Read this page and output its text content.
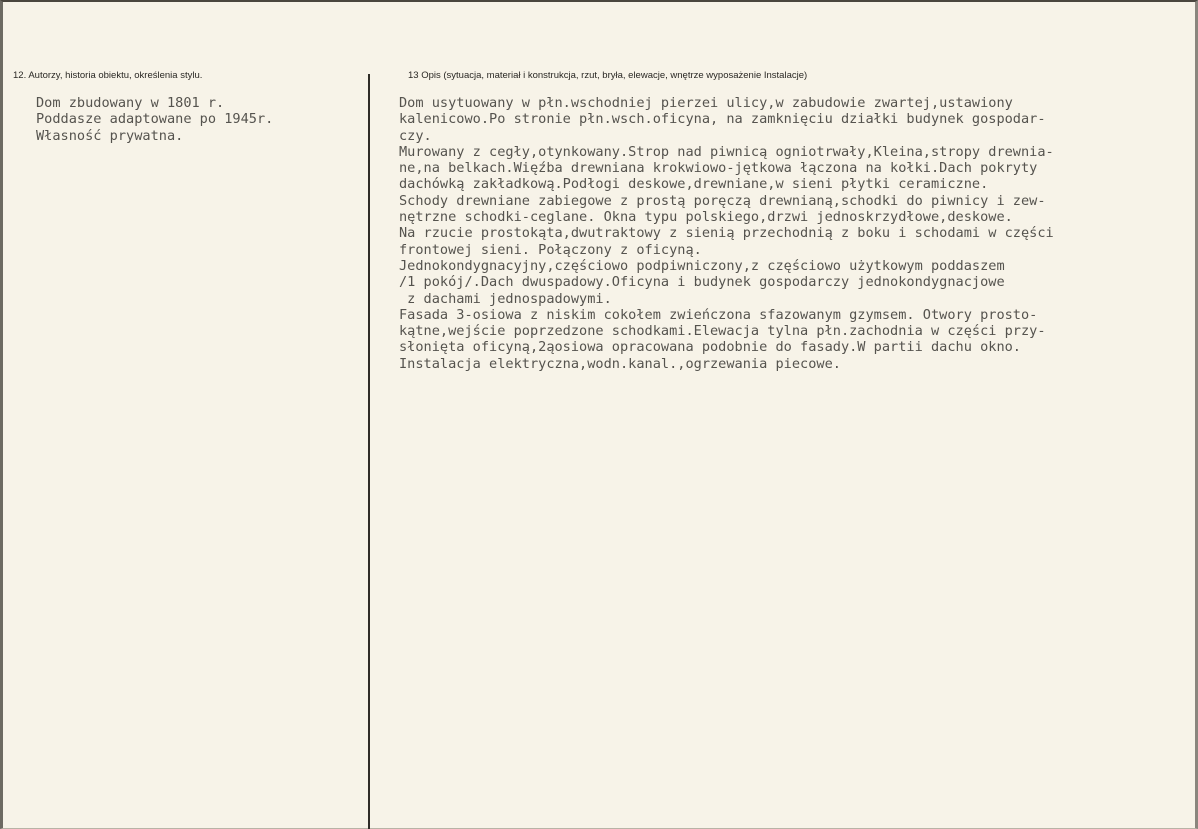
12. Autorzy, historia obiektu, określenia stylu.	13 Opis (sytuacja, materiał i konstrukcja, rzut, bryła, elewacje, wnętrze wyposażenie Instalacje)
Dom zbudowany w 1801 r.
Poddasze adaptowane po 1945r.
Własność prywatna.
Dom usytuowany w płn.wschodniej pierzei ulicy,w zabudowie zwartej,ustawiony
kalenicowo.Po stronie płn.wsch.oficyna, na zamknięciu działki budynek gospodar-
czy.
Murowany z cegły,otynkowany.Strop nad piwnicą ogniotrwały,Kleina,stropy drewnia-
ne,na belkach.Więźba drewniana krokwiowo-jętkowa łączona na kołki.Dach pokryty
dachówką zakładkową.Podłogi deskowe,drewniane,w sieni płytki ceramiczne.
Schody drewniane zabiegowe z prostą poręczą drewnianą,schodki do piwnicy i zew-
nętrzne schodki-ceglane. Okna typu polskiego,drzwi jednoskrzydłowe,deskowe.
Na rzucie prostokąta,dwutraktowy z sienią przechodnią z boku i schodami w części
frontowej sieni. Połączony z oficyną.
Jednokondygnacyjny,częściowo podpiwniczony,z częściowo użytkowym poddaszem
/1 pokój/.Dach dwuspadowy.Oficyna i budynek gospodarczy jednokondygnacjowe
z dachami jednospadowymi.
Fasada 3-osiowa z niskim cokołem zwieńczona sfazowanym gzymsem. Otwory prosto-
kątne,wejście poprzedzone schodkami.Elewacja tylna płn.zachodnia w części przy-
słonięta oficyną,2ąosiowa opracowana podobnie do fasady.W partii dachu okno.
Instalacja elektryczna,wodn.kanal.,ogrzewania piecowe.
